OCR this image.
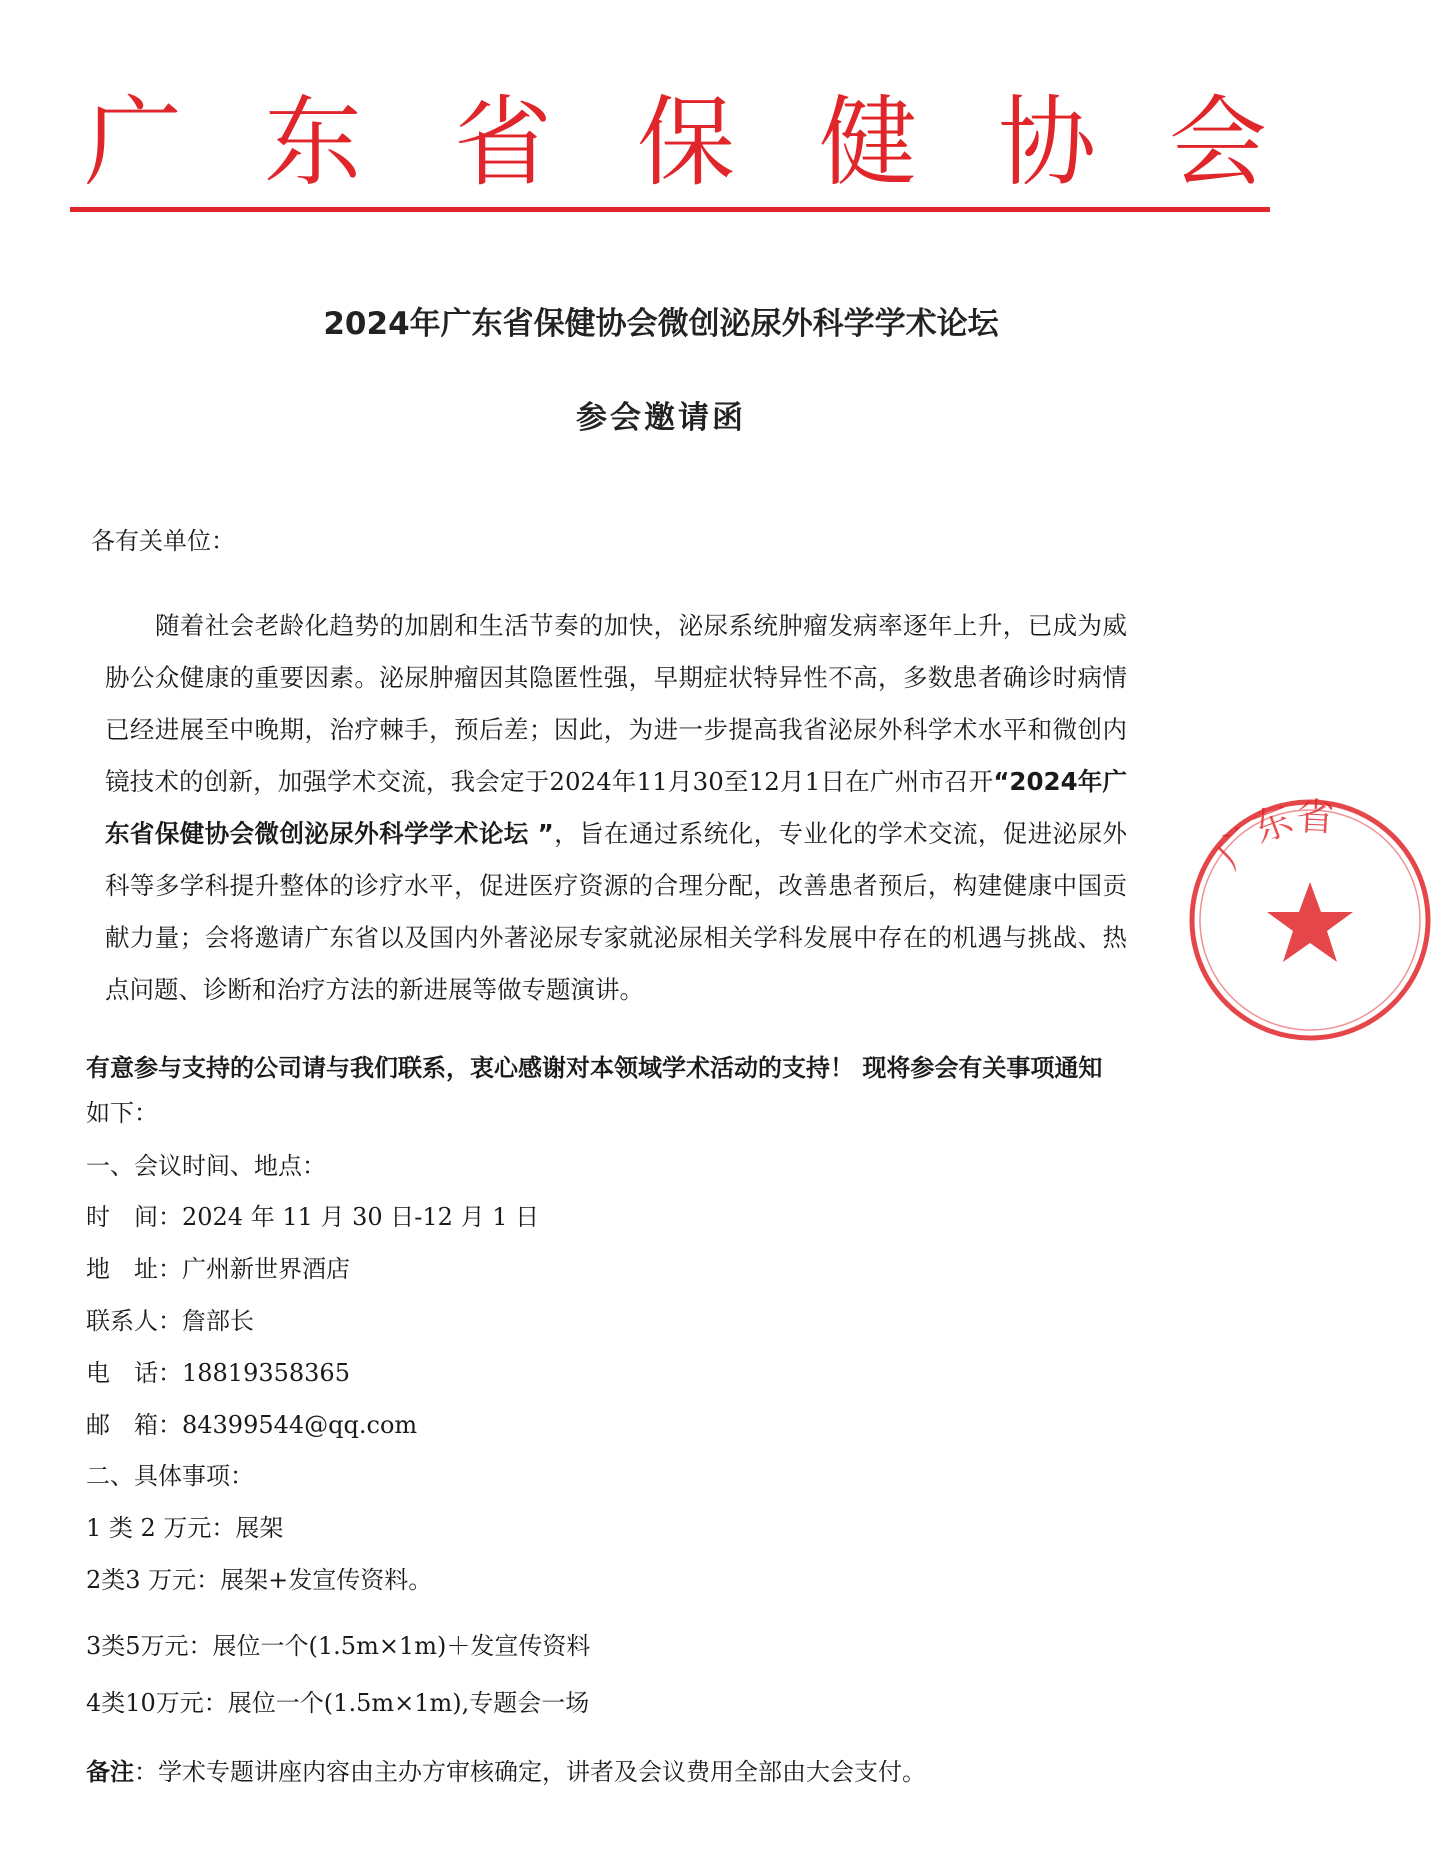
广 东 省 保 健 协 会
2024年广东省保健协会微创泌尿外科学学术论坛
参会邀请函
各有关单位：

随着社会老龄化趋势的加剧和生活节奏的加快，泌尿系统肿瘤发病率逐年上升，已成为威胁公众健康的重要因素。泌尿肿瘤因其隐匿性强，早期症状特异性不高，多数患者确诊时病情已经进展至中晚期，治疗棘手，预后差；因此，为进一步提高我省泌尿外科学术水平和微创内镜技术的创新，加强学术交流，我会定于2024年11月30至12月1日在广州市召开“2024年广东省保健协会微创泌尿外科学学术论坛 ”，旨在通过系统化，专业化的学术交流，促进泌尿外科等多学科提升整体的诊疗水平，促进医疗资源的合理分配，改善患者预后，构建健康中国贡献力量；会将邀请广东省以及国内外著泌尿专家就泌尿相关学科发展中存在的机遇与挑战、热点问题、诊断和治疗方法的新进展等做专题演讲。

有意参与支持的公司请与我们联系，衷心感谢对本领域学术活动的支持！ 现将参会有关事项通知
如下：
一、会议时间、地点：
时　间：2024 年 11 月 30 日-12 月 1 日
地　址：广州新世界酒店
联系人：詹部长
电　话：18819358365
邮　箱：84399544@qq.com
二、具体事项：
1 类 2 万元：展架
2类3 万元：展架+发宣传资料。
3类5万元：展位一个(1.5m×1m)＋发宣传资料
4类10万元：展位一个(1.5m×1m),专题会一场
备注：学术专题讲座内容由主办方审核确定，讲者及会议费用全部由大会支付。
广东省
